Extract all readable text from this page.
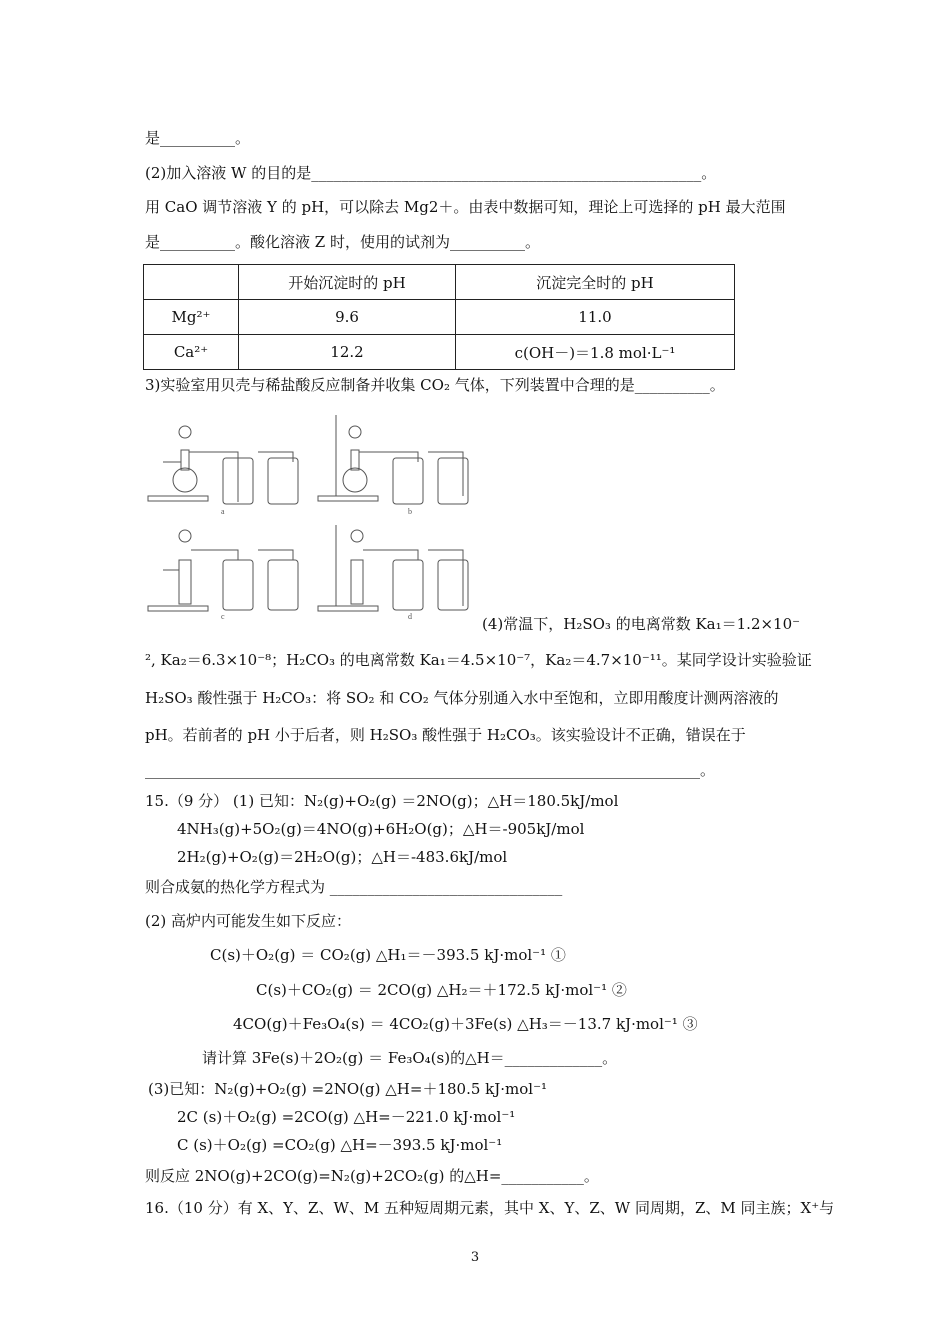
是__________。
(2)加入溶液 W 的目的是____________________________________________________。
用 CaO 调节溶液 Y 的 pH，可以除去 Mg2＋。由表中数据可知，理论上可选择的 pH 最大范围
是__________。酸化溶液 Z 时，使用的试剂为__________。
	开始沉淀时的 pH	沉淀完全时的 pH
Mg²⁺	9.6	11.0
Ca²⁺	12.2	c(OH－)＝1.8 mol·L⁻¹
3)实验室用贝壳与稀盐酸反应制备并收集 CO₂ 气体，下列装置中合理的是__________。
a	b
c	d	(4)常温下，H₂SO₃ 的电离常数 Ka₁＝1.2×10⁻
², Ka₂＝6.3×10⁻⁸；H₂CO₃ 的电离常数 Ka₁＝4.5×10⁻⁷，Ka₂＝4.7×10⁻¹¹。某同学设计实验验证
H₂SO₃ 酸性强于 H₂CO₃：将 SO₂ 和 CO₂ 气体分别通入水中至饱和，立即用酸度计测两溶液的
pH。若前者的 pH 小于后者，则 H₂SO₃ 酸性强于 H₂CO₃。该实验设计不正确，错误在于
__________________________________________________________________________。
15.（9 分） (1) 已知：N₂(g)+O₂(g) ＝2NO(g)；△H＝180.5kJ/mol
4NH₃(g)+5O₂(g)＝4NO(g)+6H₂O(g)；△H＝-905kJ/mol
2H₂(g)+O₂(g)＝2H₂O(g)；△H＝-483.6kJ/mol
则合成氨的热化学方程式为 _______________________________
(2) 高炉内可能发生如下反应：
C(s)＋O₂(g) ＝ CO₂(g) △H₁＝－393.5 kJ·mol⁻¹ ①
C(s)＋CO₂(g) ＝ 2CO(g) △H₂＝＋172.5 kJ·mol⁻¹ ②
4CO(g)＋Fe₃O₄(s) ＝ 4CO₂(g)＋3Fe(s) △H₃＝－13.7 kJ·mol⁻¹ ③
请计算 3Fe(s)＋2O₂(g) ＝ Fe₃O₄(s)的△H＝_____________。
(3)已知：N₂(g)+O₂(g) =2NO(g) △H=＋180.5 kJ·mol⁻¹
2C (s)＋O₂(g) =2CO(g) △H=－221.0 kJ·mol⁻¹
C (s)＋O₂(g) =CO₂(g) △H=－393.5 kJ·mol⁻¹
则反应 2NO(g)+2CO(g)=N₂(g)+2CO₂(g) 的△H=___________。
16.（10 分）有 X、Y、Z、W、M 五种短周期元素，其中 X、Y、Z、W 同周期，Z、M 同主族；X⁺与
3
